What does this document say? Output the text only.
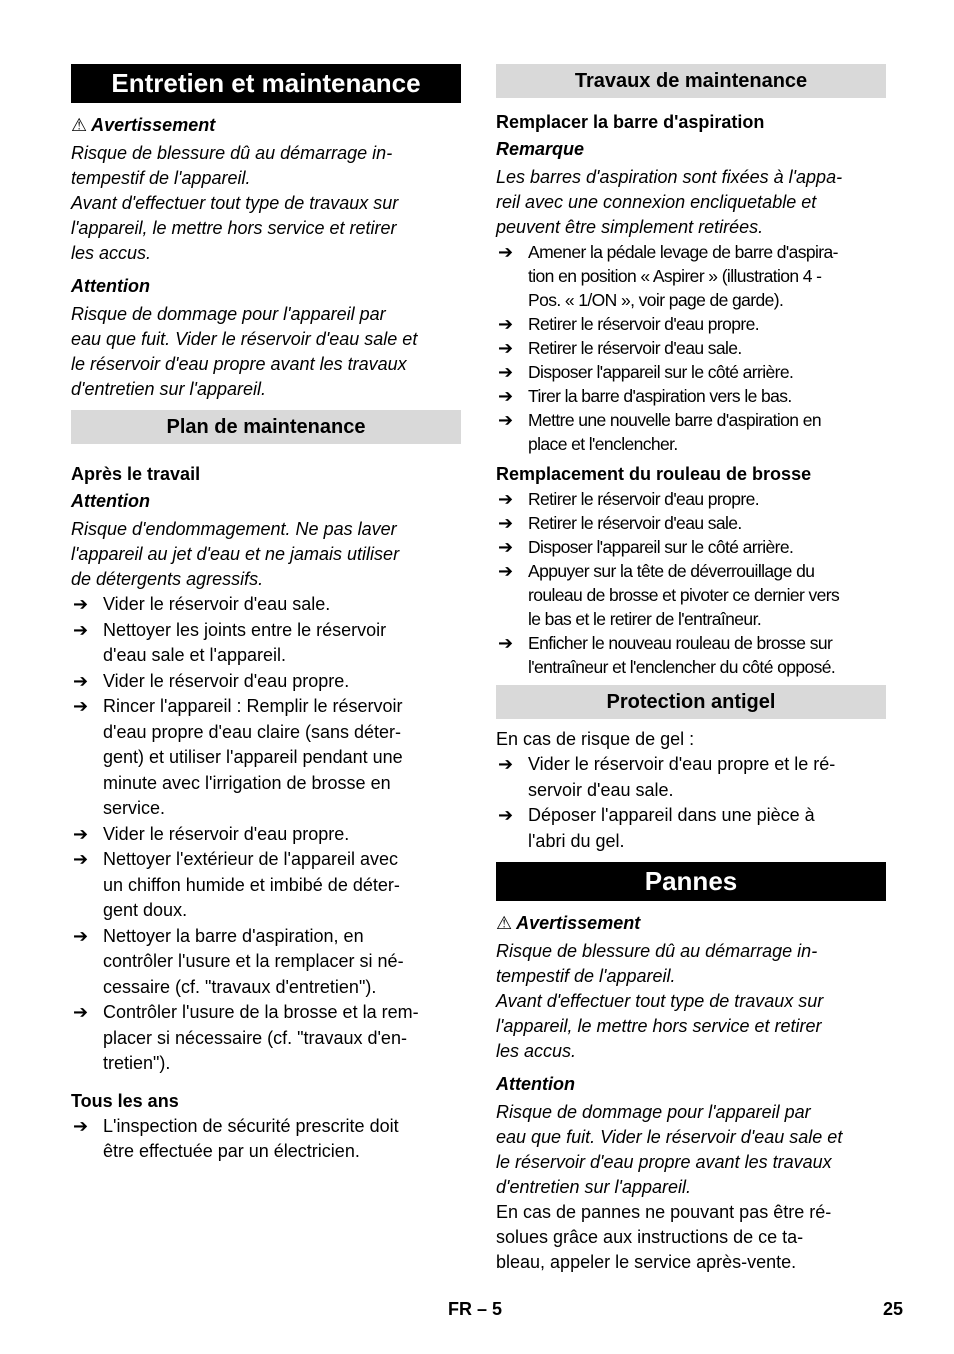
Entretien et maintenance
⚠ Avertissement
Risque de blessure dû au démarrage in-
tempestif de l'appareil.
Avant d'effectuer tout type de travaux sur
l'appareil, le mettre hors service et retirer
les accus.
Attention
Risque de dommage pour l'appareil par
eau que fuit. Vider le réservoir d'eau sale et
le réservoir d'eau propre avant les travaux
d'entretien sur l'appareil.
Plan de maintenance
Après le travail
Attention
Risque d'endommagement. Ne pas laver
l'appareil au jet d'eau et ne jamais utiliser
de détergents agressifs.
➔ Vider le réservoir d'eau sale.
➔ Nettoyer les joints entre le réservoir
d'eau sale et l'appareil.
➔ Vider le réservoir d'eau propre.
➔ Rincer l'appareil : Remplir le réservoir
d'eau propre d'eau claire (sans déter-
gent) et utiliser l'appareil pendant une
minute avec l'irrigation de brosse en
service.
➔ Vider le réservoir d'eau propre.
➔ Nettoyer l'extérieur de l'appareil avec
un chiffon humide et imbibé de déter-
gent doux.
➔ Nettoyer la barre d'aspiration, en
contrôler l'usure et la remplacer si né-
cessaire (cf. "travaux d'entretien").
➔ Contrôler l'usure de la brosse et la rem-
placer si nécessaire (cf. "travaux d'en-
tretien").
Tous les ans
➔ L'inspection de sécurité prescrite doit
être effectuée par un électricien.
Travaux de maintenance
Remplacer la barre d'aspiration
Remarque
Les barres d'aspiration sont fixées à l'appa-
reil avec une connexion encliquetable et
peuvent être simplement retirées.
➔ Amener la pédale levage de barre d'aspira-
tion en position « Aspirer » (illustration 4 -
Pos. « 1/ON », voir page de garde).
➔ Retirer le réservoir d'eau propre.
➔ Retirer le réservoir d'eau sale.
➔ Disposer l'appareil sur le côté arrière.
➔ Tirer la barre d'aspiration vers le bas.
➔ Mettre une nouvelle barre d'aspiration en
place et l'enclencher.
Remplacement du rouleau de brosse
➔ Retirer le réservoir d'eau propre.
➔ Retirer le réservoir d'eau sale.
➔ Disposer l'appareil sur le côté arrière.
➔ Appuyer sur la tête de déverrouillage du
rouleau de brosse et pivoter ce dernier vers
le bas et le retirer de l'entraîneur.
➔ Enficher le nouveau rouleau de brosse sur
l'entraîneur et l'enclencher du côté opposé.
Protection antigel
En cas de risque de gel :
➔ Vider le réservoir d'eau propre et le ré-
servoir d'eau sale.
➔ Déposer l'appareil dans une pièce à
l'abri du gel.
Pannes
⚠ Avertissement
Risque de blessure dû au démarrage in-
tempestif de l'appareil.
Avant d'effectuer tout type de travaux sur
l'appareil, le mettre hors service et retirer
les accus.
Attention
Risque de dommage pour l'appareil par
eau que fuit. Vider le réservoir d'eau sale et
le réservoir d'eau propre avant les travaux
d'entretien sur l'appareil.
En cas de pannes ne pouvant pas être ré-
solues grâce aux instructions de ce ta-
bleau, appeler le service après-vente.
FR – 5	25
